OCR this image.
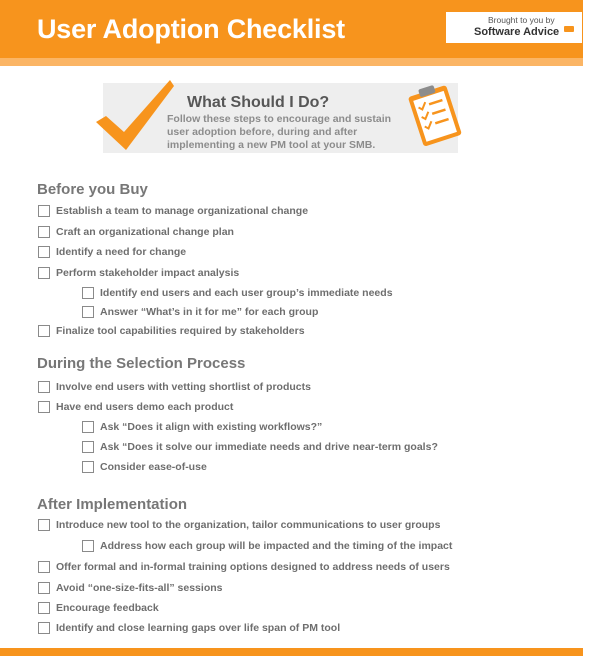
User Adoption Checklist	Brought to you by
Software Advice
What Should I Do?
Follow these steps to encourage and sustain user adoption before, during and after implementing a new PM tool at your SMB.
Before you Buy
Establish a team to manage organizational change
Craft an organizational change plan
Identify a need for change
Perform stakeholder impact analysis
Identify end users and each user group’s immediate needs
Answer “What’s in it for me” for each group
Finalize tool capabilities required by stakeholders
During the Selection Process
Involve end users with vetting shortlist of products
Have end users demo each product
Ask “Does it align with existing workflows?”
Ask “Does it solve our immediate needs and drive near-term goals?
Consider ease-of-use
After Implementation
Introduce new tool to the organization, tailor communications to user groups
Address how each group will be impacted and the timing of the impact
Offer formal and in-formal training options designed to address needs of users
Avoid “one-size-fits-all” sessions
Encourage feedback
Identify and close learning gaps over life span of PM tool
